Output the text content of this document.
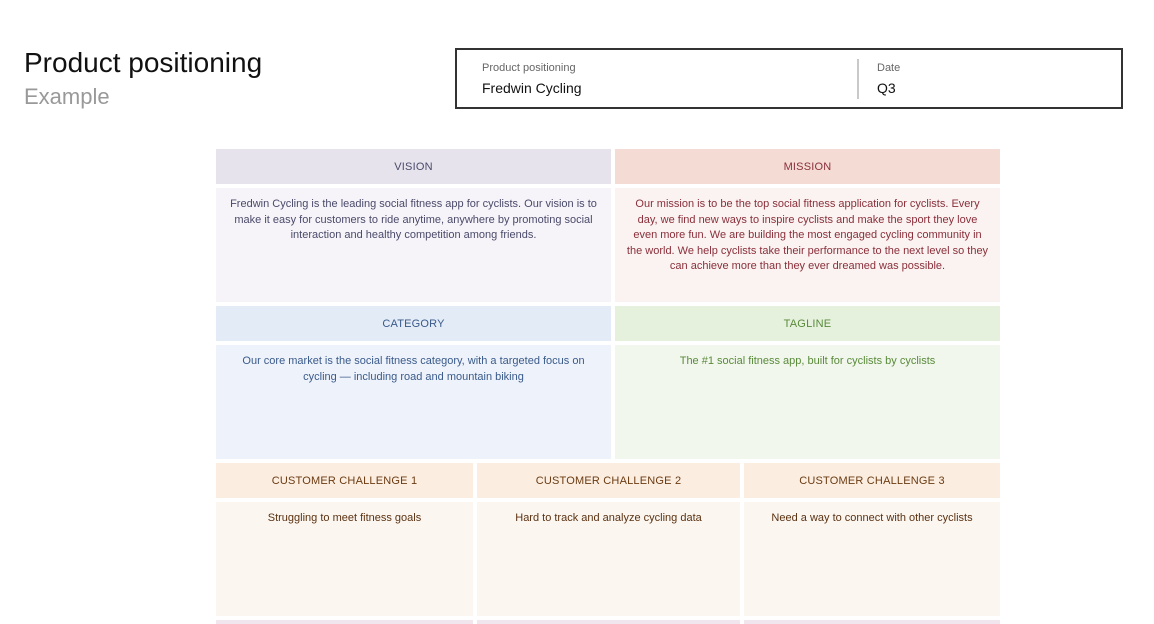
Product positioning
Example
Product positioning
Fredwin Cycling
Date
Q3
VISION
Fredwin Cycling is the leading social fitness app for cyclists. Our vision is to make it easy for customers to ride anytime, anywhere by promoting social interaction and healthy competition among friends.
MISSION
Our mission is to be the top social fitness application for cyclists. Every day, we find new ways to inspire cyclists and make the sport they love even more fun. We are building the most engaged cycling community in the world. We help cyclists take their performance to the next level so they can achieve more than they ever dreamed was possible.
CATEGORY
Our core market is the social fitness category, with a targeted focus on cycling — including road and mountain biking
TAGLINE
The #1 social fitness app, built for cyclists by cyclists
CUSTOMER CHALLENGE 1
Struggling to meet fitness goals
CUSTOMER CHALLENGE 2
Hard to track and analyze cycling data
CUSTOMER CHALLENGE 3
Need a way to connect with other cyclists
